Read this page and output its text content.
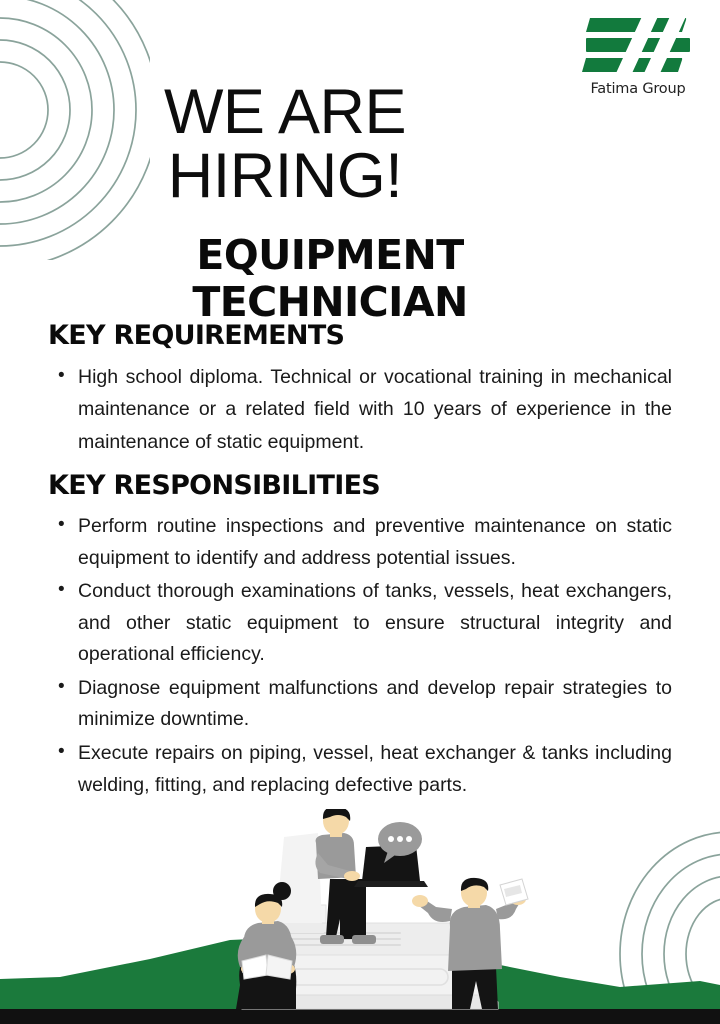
Fatima Group
WE ARE
HIRING!
EQUIPMENT
TECHNICIAN
KEY REQUIREMENTS
• High school diploma. Technical or vocational training in mechanical maintenance or a related field with 10 years of experience in the maintenance of static equipment.
KEY RESPONSIBILITIES
• Perform routine inspections and preventive maintenance on static equipment to identify and address potential issues.
• Conduct thorough examinations of tanks, vessels, heat exchangers, and other static equipment to ensure structural integrity and operational efficiency.
• Diagnose equipment malfunctions and develop repair strategies to minimize downtime.
• Execute repairs on piping, vessel, heat exchanger & tanks including welding, fitting, and replacing defective parts.
